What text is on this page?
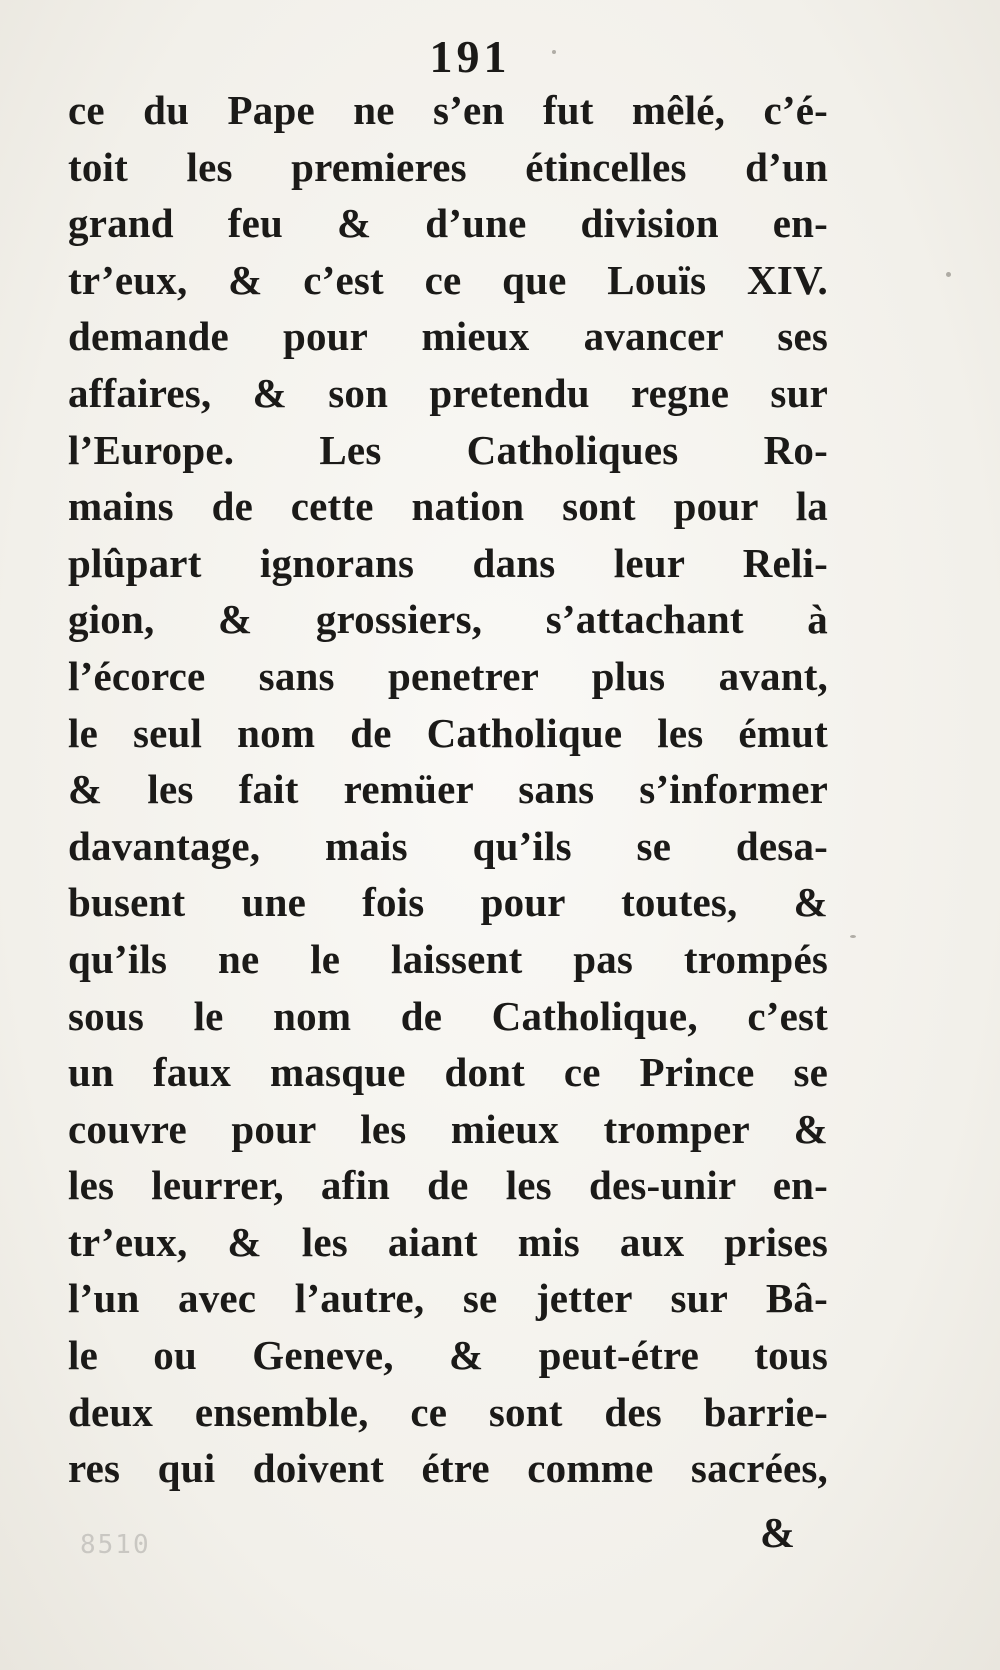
191
ce du Pape ne s’en fut mêlé, c’é-
toit les premieres étincelles d’un
grand feu & d’une division en-
tr’eux, & c’est ce que Louïs XIV.
demande pour mieux avancer ses
affaires, & son pretendu regne sur
l’Europe. Les Catholiques Ro-
mains de cette nation sont pour la
plûpart ignorans dans leur Reli-
gion, & grossiers, s’attachant à
l’écorce sans penetrer plus avant,
le seul nom de Catholique les émut
& les fait remüer sans s’informer
davantage, mais qu’ils se desa-
busent une fois pour toutes, &
qu’ils ne le laissent pas trompés
sous le nom de Catholique, c’est
un faux masque dont ce Prince se
couvre pour les mieux tromper &
les leurrer, afin de les des-unir en-
tr’eux, & les aiant mis aux prises
l’un avec l’autre, se jetter sur Bâ-
le ou Geneve, & peut-étre tous
deux ensemble, ce sont des barrie-
res qui doivent étre comme sacrées,
8510	&
